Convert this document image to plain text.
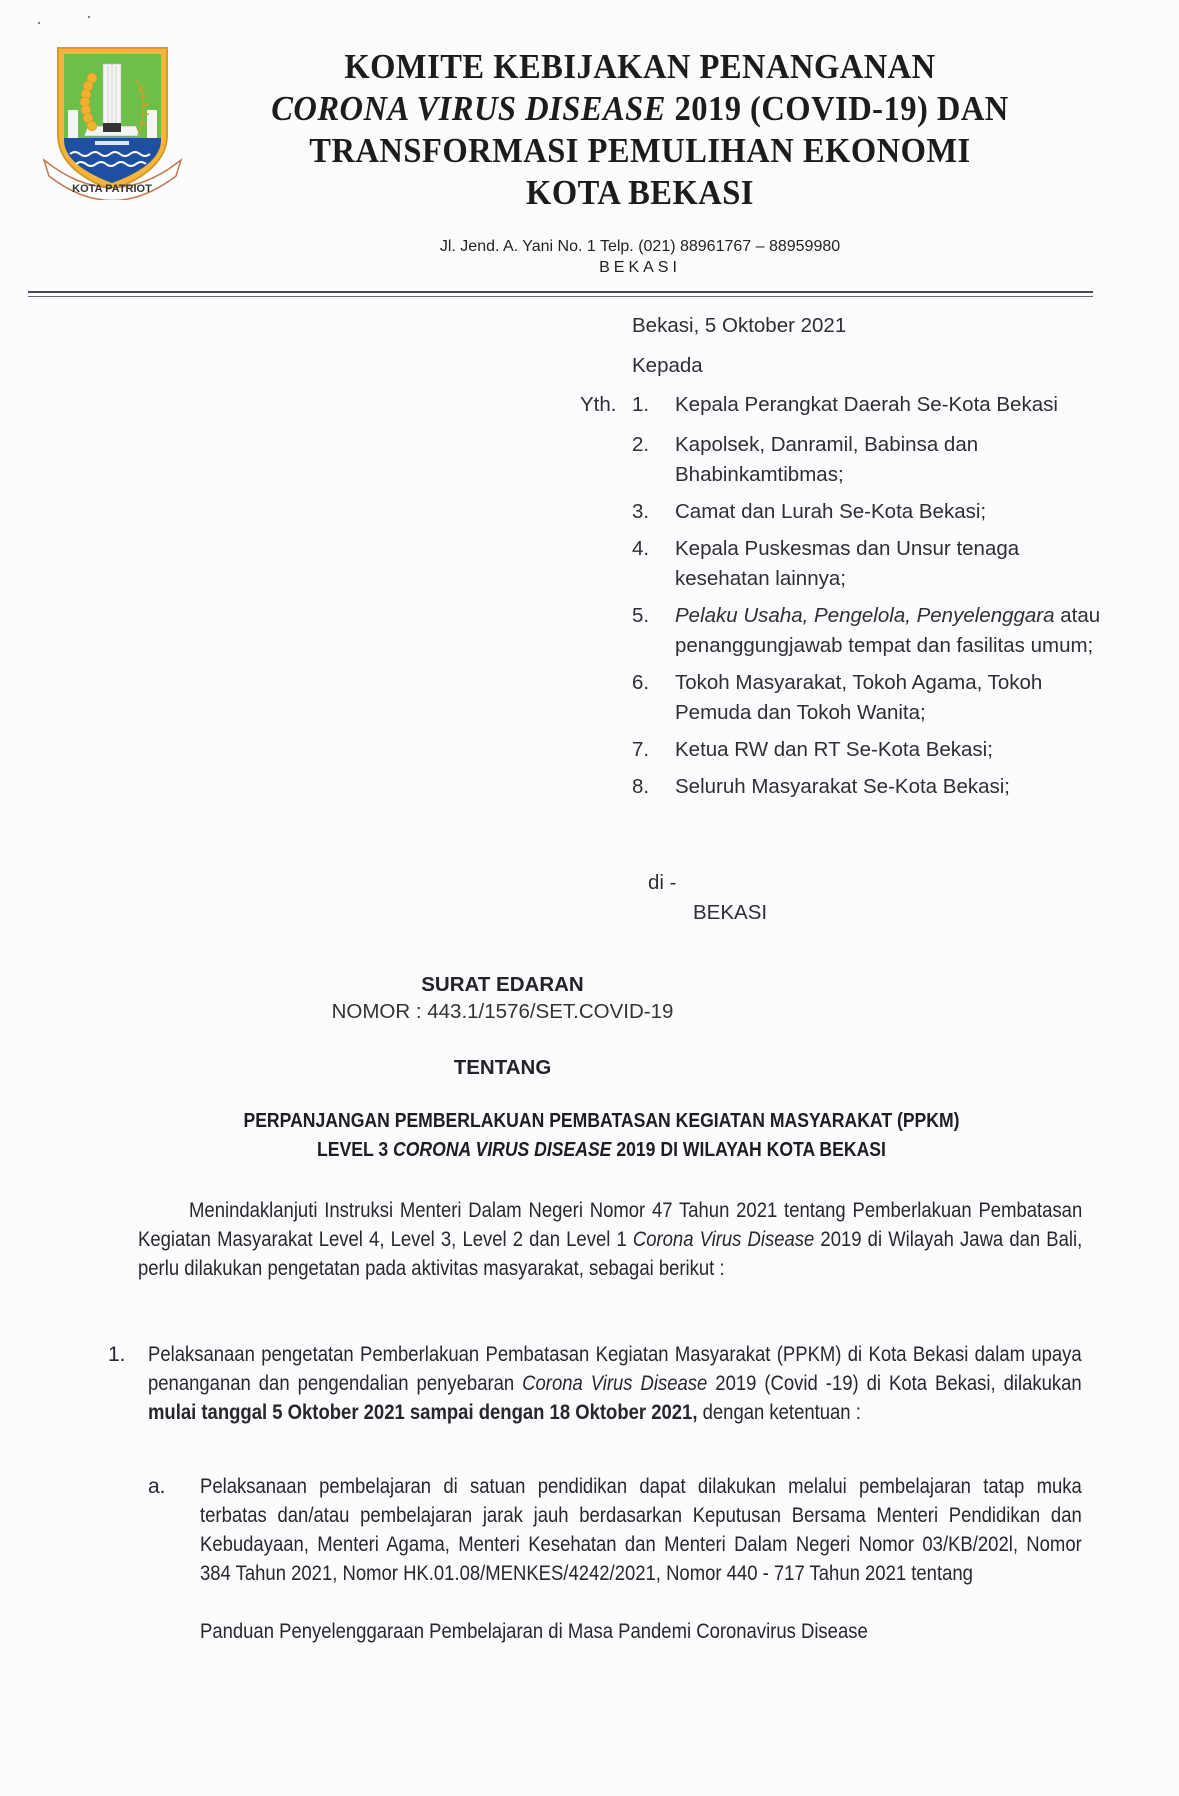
KOTA PATRIOT
KOMITE KEBIJAKAN PENANGANAN
CORONA VIRUS DISEASE 2019 (COVID-19) DAN
TRANSFORMASI PEMULIHAN EKONOMI
KOTA BEKASI
Jl. Jend. A. Yani No. 1 Telp. (021) 88961767 – 88959980
BEKASI
Bekasi, 5 Oktober 2021
Kepada
Yth. 1. Kepala Perangkat Daerah Se-Kota Bekasi
2. Kapolsek, Danramil, Babinsa dan Bhabinkamtibmas;
3. Camat dan Lurah Se-Kota Bekasi;
4. Kepala Puskesmas dan Unsur tenaga kesehatan lainnya;
5. Pelaku Usaha, Pengelola, Penyelenggara atau penanggungjawab tempat dan fasilitas umum;
6. Tokoh Masyarakat, Tokoh Agama, Tokoh Pemuda dan Tokoh Wanita;
7. Ketua RW dan RT Se-Kota Bekasi;
8. Seluruh Masyarakat Se-Kota Bekasi;
di -
BEKASI
SURAT EDARAN
NOMOR : 443.1/1576/SET.COVID-19
TENTANG
PERPANJANGAN PEMBERLAKUAN PEMBATASAN KEGIATAN MASYARAKAT (PPKM)
LEVEL 3 CORONA VIRUS DISEASE 2019 DI WILAYAH KOTA BEKASI
Menindaklanjuti Instruksi Menteri Dalam Negeri Nomor 47 Tahun 2021 tentang Pemberlakuan Pembatasan Kegiatan Masyarakat Level 4, Level 3, Level 2 dan Level 1 Corona Virus Disease 2019 di Wilayah Jawa dan Bali, perlu dilakukan pengetatan pada aktivitas masyarakat, sebagai berikut :
1. Pelaksanaan pengetatan Pemberlakuan Pembatasan Kegiatan Masyarakat (PPKM) di Kota Bekasi dalam upaya penanganan dan pengendalian penyebaran Corona Virus Disease 2019 (Covid -19) di Kota Bekasi, dilakukan mulai tanggal 5 Oktober 2021 sampai dengan 18 Oktober 2021, dengan ketentuan :
a. Pelaksanaan pembelajaran di satuan pendidikan dapat dilakukan melalui pembelajaran tatap muka terbatas dan/atau pembelajaran jarak jauh berdasarkan Keputusan Bersama Menteri Pendidikan dan Kebudayaan, Menteri Agama, Menteri Kesehatan dan Menteri Dalam Negeri Nomor 03/KB/202l, Nomor 384 Tahun 2021, Nomor HK.01.08/MENKES/4242/2021, Nomor 440 - 717 Tahun 2021 tentang
Panduan Penyelenggaraan Pembelajaran di Masa Pandemi Coronavirus Disease
